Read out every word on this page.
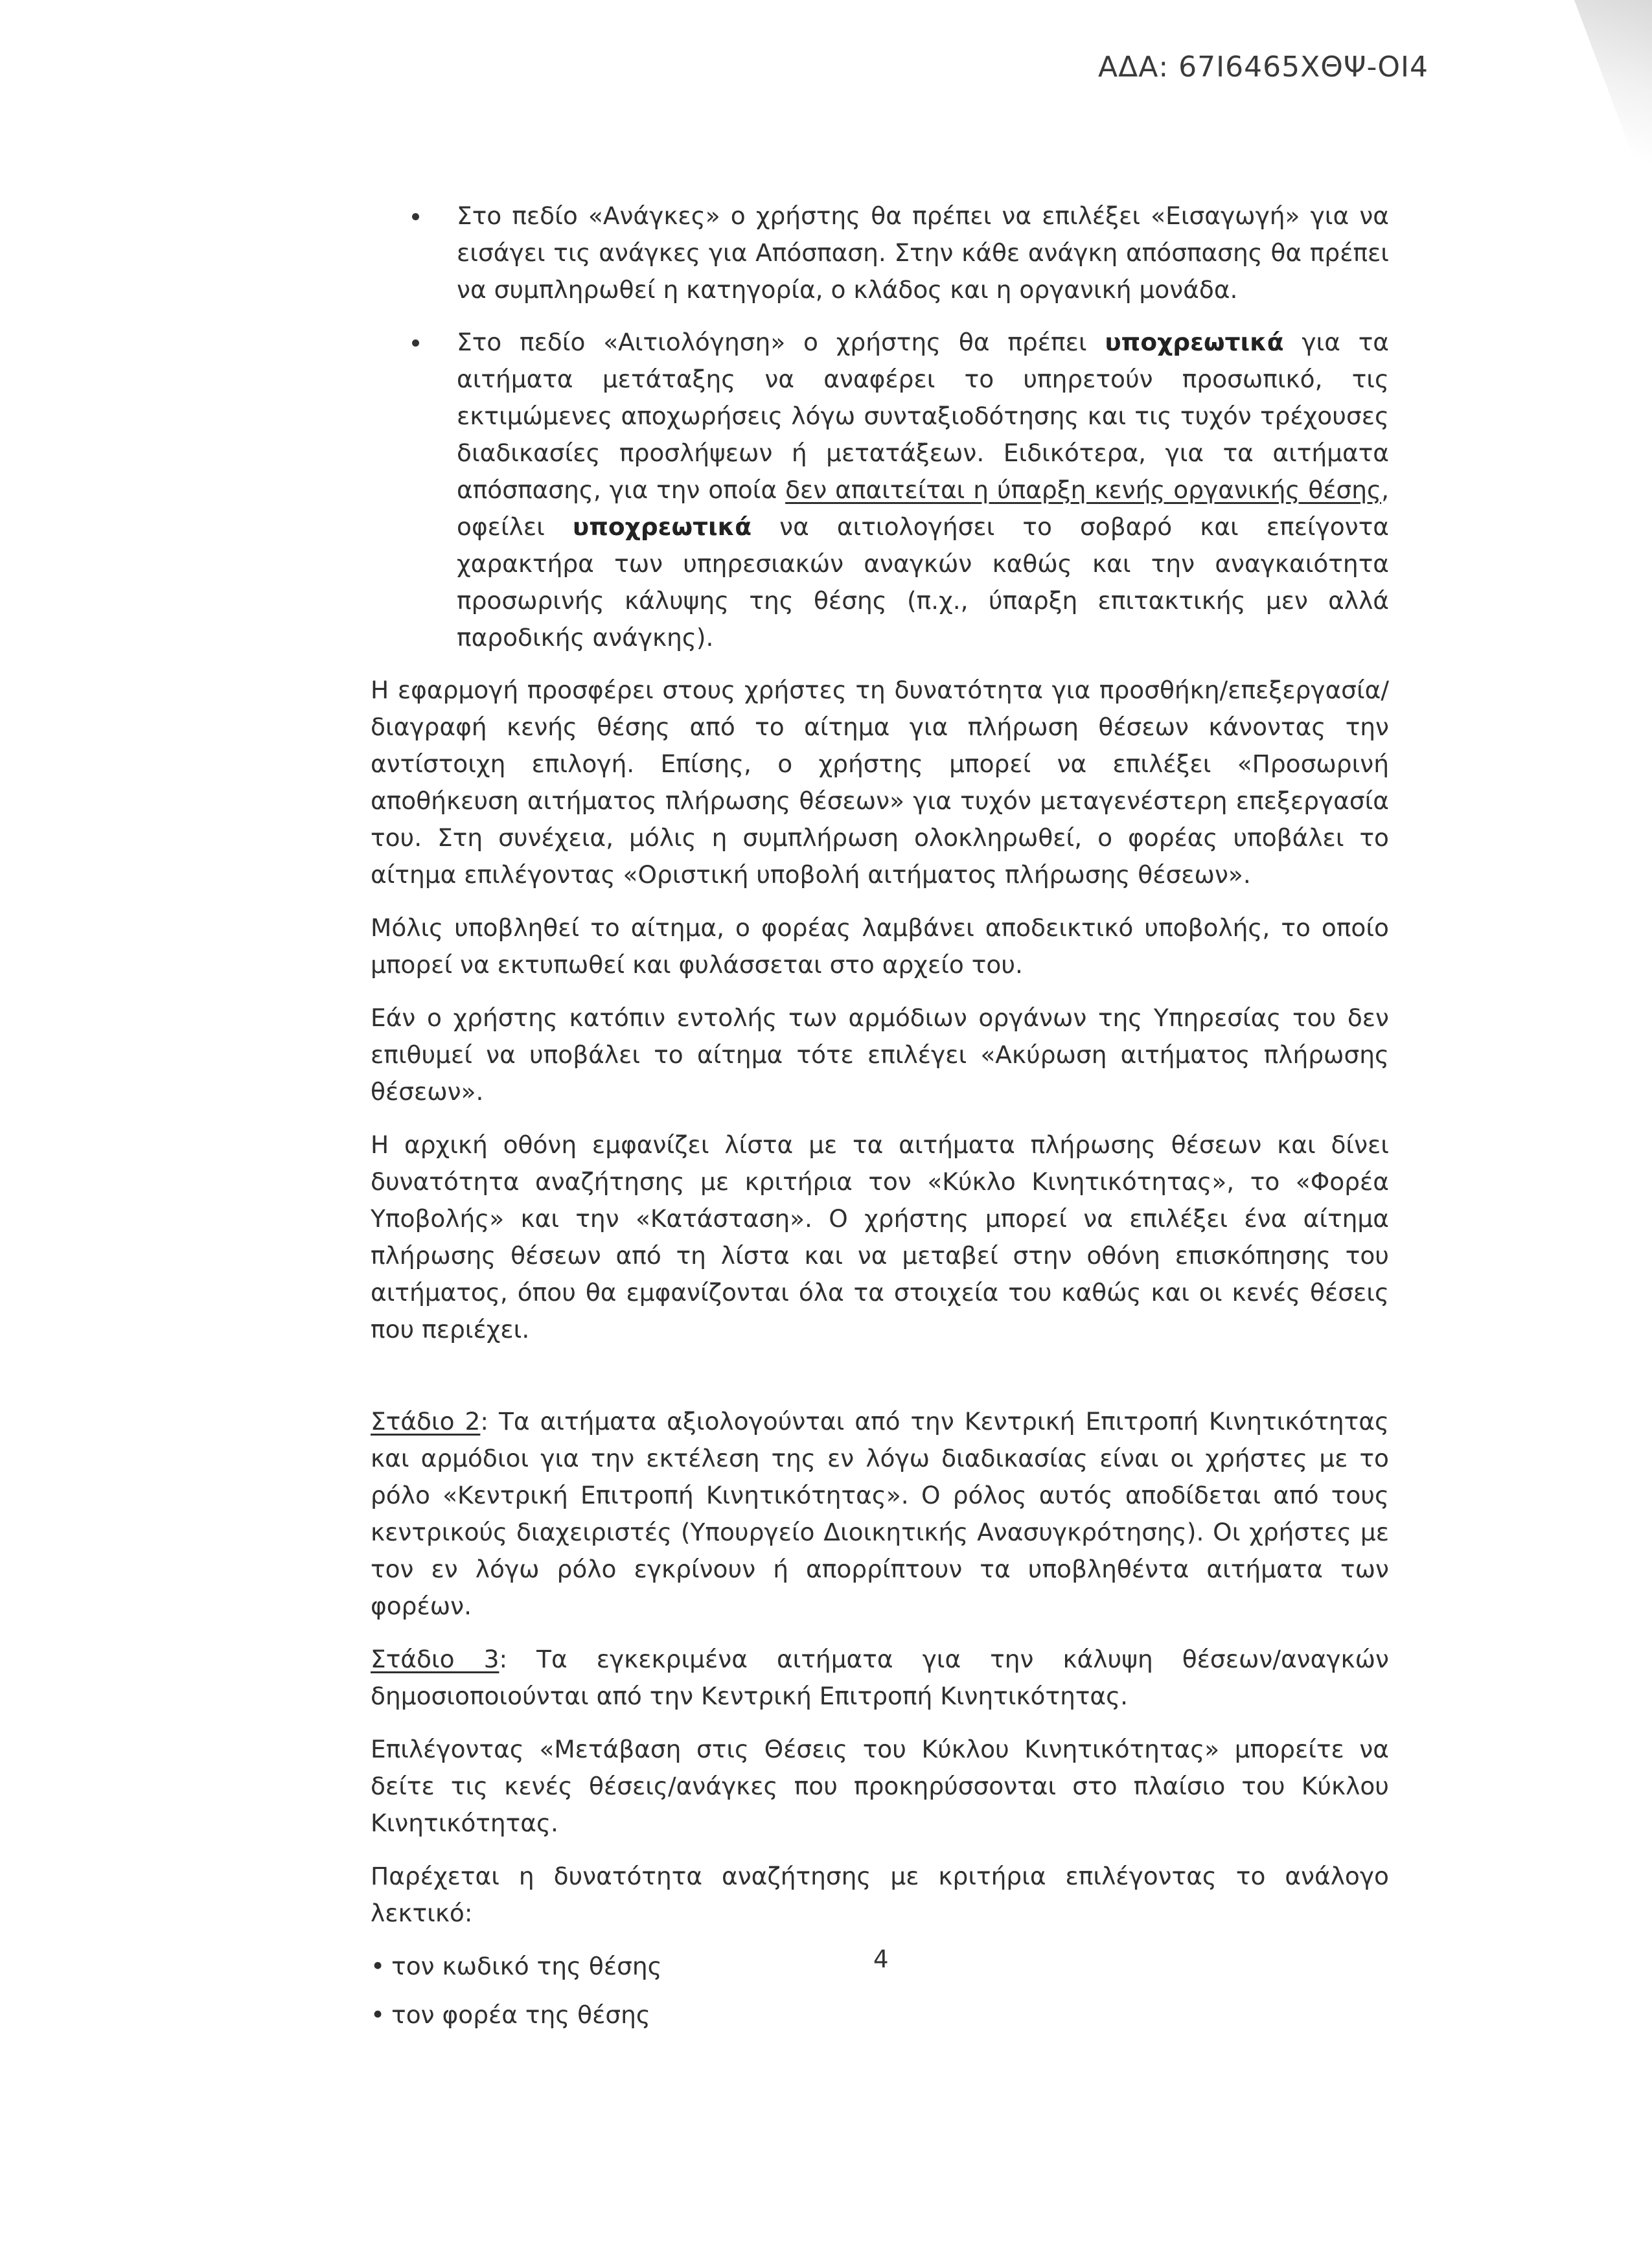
ΑΔΑ: 67Ι6465ΧΘΨ-ΟΙ4
Στο πεδίο «Ανάγκες» ο χρήστης θα πρέπει να επιλέξει «Εισαγωγή» για να εισάγει τις ανάγκες για Απόσπαση. Στην κάθε ανάγκη απόσπασης θα πρέπει να συμπληρωθεί η κατηγορία, ο κλάδος και η οργανική μονάδα.
Στο πεδίο «Αιτιολόγηση» ο χρήστης θα πρέπει υποχρεωτικά για τα αιτήματα μετάταξης να αναφέρει το υπηρετούν προσωπικό, τις εκτιμώμενες αποχωρήσεις λόγω συνταξιοδότησης και τις τυχόν τρέχουσες διαδικασίες προσλήψεων ή μετατάξεων. Ειδικότερα, για τα αιτήματα απόσπασης, για την οποία δεν απαιτείται η ύπαρξη κενής οργανικής θέσης, οφείλει υποχρεωτικά να αιτιολογήσει το σοβαρό και επείγοντα χαρακτήρα των υπηρεσιακών αναγκών καθώς και την αναγκαιότητα προσωρινής κάλυψης της θέσης (π.χ., ύπαρξη επιτακτικής μεν αλλά παροδικής ανάγκης).

Η εφαρμογή προσφέρει στους χρήστες τη δυνατότητα για προσθήκη/επεξεργασία/διαγραφή κενής θέσης από το αίτημα για πλήρωση θέσεων κάνοντας την αντίστοιχη επιλογή. Επίσης, ο χρήστης μπορεί να επιλέξει «Προσωρινή αποθήκευση αιτήματος πλήρωσης θέσεων» για τυχόν μεταγενέστερη επεξεργασία του. Στη συνέχεια, μόλις η συμπλήρωση ολοκληρωθεί, ο φορέας υποβάλει το αίτημα επιλέγοντας «Οριστική υποβολή αιτήματος πλήρωσης θέσεων».

Μόλις υποβληθεί το αίτημα, ο φορέας λαμβάνει αποδεικτικό υποβολής, το οποίο μπορεί να εκτυπωθεί και φυλάσσεται στο αρχείο του.

Εάν ο χρήστης κατόπιν εντολής των αρμόδιων οργάνων της Υπηρεσίας του δεν επιθυμεί να υποβάλει το αίτημα τότε επιλέγει «Ακύρωση αιτήματος πλήρωσης θέσεων».

Η αρχική οθόνη εμφανίζει λίστα με τα αιτήματα πλήρωσης θέσεων και δίνει δυνατότητα αναζήτησης με κριτήρια τον «Κύκλο Κινητικότητας», το «Φορέα Υποβολής» και την «Κατάσταση». Ο χρήστης μπορεί να επιλέξει ένα αίτημα πλήρωσης θέσεων από τη λίστα και να μεταβεί στην οθόνη επισκόπησης του αιτήματος, όπου θα εμφανίζονται όλα τα στοιχεία του καθώς και οι κενές θέσεις που περιέχει.

Στάδιο 2: Τα αιτήματα αξιολογούνται από την Κεντρική Επιτροπή Κινητικότητας και αρμόδιοι για την εκτέλεση της εν λόγω διαδικασίας είναι οι χρήστες με το ρόλο «Κεντρική Επιτροπή Κινητικότητας». Ο ρόλος αυτός αποδίδεται από τους κεντρικούς διαχειριστές (Υπουργείο Διοικητικής Ανασυγκρότησης). Οι χρήστες με τον εν λόγω ρόλο εγκρίνουν ή απορρίπτουν τα υποβληθέντα αιτήματα των φορέων.

Στάδιο 3: Τα εγκεκριμένα αιτήματα για την κάλυψη θέσεων/αναγκών δημοσιοποιούνται από την Κεντρική Επιτροπή Κινητικότητας.

Επιλέγοντας «Μετάβαση στις Θέσεις του Κύκλου Κινητικότητας» μπορείτε να δείτε τις κενές θέσεις/ανάγκες που προκηρύσσονται στο πλαίσιο του Κύκλου Κινητικότητας.

Παρέχεται η δυνατότητα αναζήτησης με κριτήρια επιλέγοντας το ανάλογο λεκτικό:

• τον κωδικό της θέσης
• τον φορέα της θέσης
4
